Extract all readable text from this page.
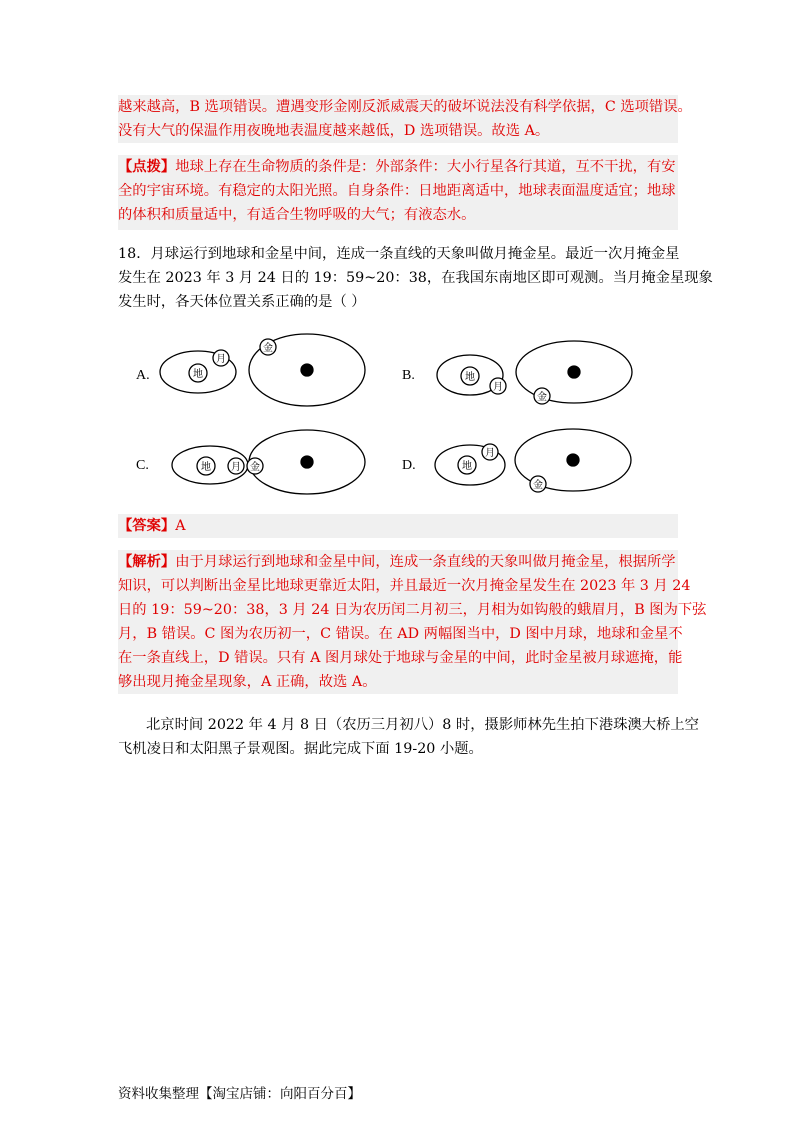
越来越高，B 选项错误。遭遇变形金刚反派威震天的破坏说法没有科学依据，C 选项错误。
没有大气的保温作用夜晚地表温度越来越低，D 选项错误。故选 A。
【点拨】地球上存在生命物质的条件是：外部条件：大小行星各行其道，互不干扰，有安
全的宇宙环境。有稳定的太阳光照。自身条件：日地距离适中，地球表面温度适宜；地球
的体积和质量适中，有适合生物呼吸的大气；有液态水。
18．月球运行到地球和金星中间，连成一条直线的天象叫做月掩金星。最近一次月掩金星
发生在 2023 年 3 月 24 日的 19：59~20：38，在我国东南地区即可观测。当月掩金星现象
发生时，各天体位置关系正确的是（ ）
地
月
金
地
月
金
地 月 金	地
月
金
A.	B.
C.	D.
【答案】A
【解析】由于月球运行到地球和金星中间，连成一条直线的天象叫做月掩金星，根据所学
知识，可以判断出金星比地球更靠近太阳，并且最近一次月掩金星发生在 2023 年 3 月 24
日的 19：59~20：38，3 月 24 日为农历闰二月初三，月相为如钩般的蛾眉月，B 图为下弦
月，B 错误。C 图为农历初一，C 错误。在 AD 两幅图当中，D 图中月球，地球和金星不
在一条直线上，D 错误。只有 A 图月球处于地球与金星的中间，此时金星被月球遮掩，能
够出现月掩金星现象，A 正确，故选 A。
北京时间 2022 年 4 月 8 日（农历三月初八）8 时，摄影师林先生拍下港珠澳大桥上空
飞机凌日和太阳黑子景观图。据此完成下面 19-20 小题。
资料收集整理【淘宝店铺：向阳百分百】
